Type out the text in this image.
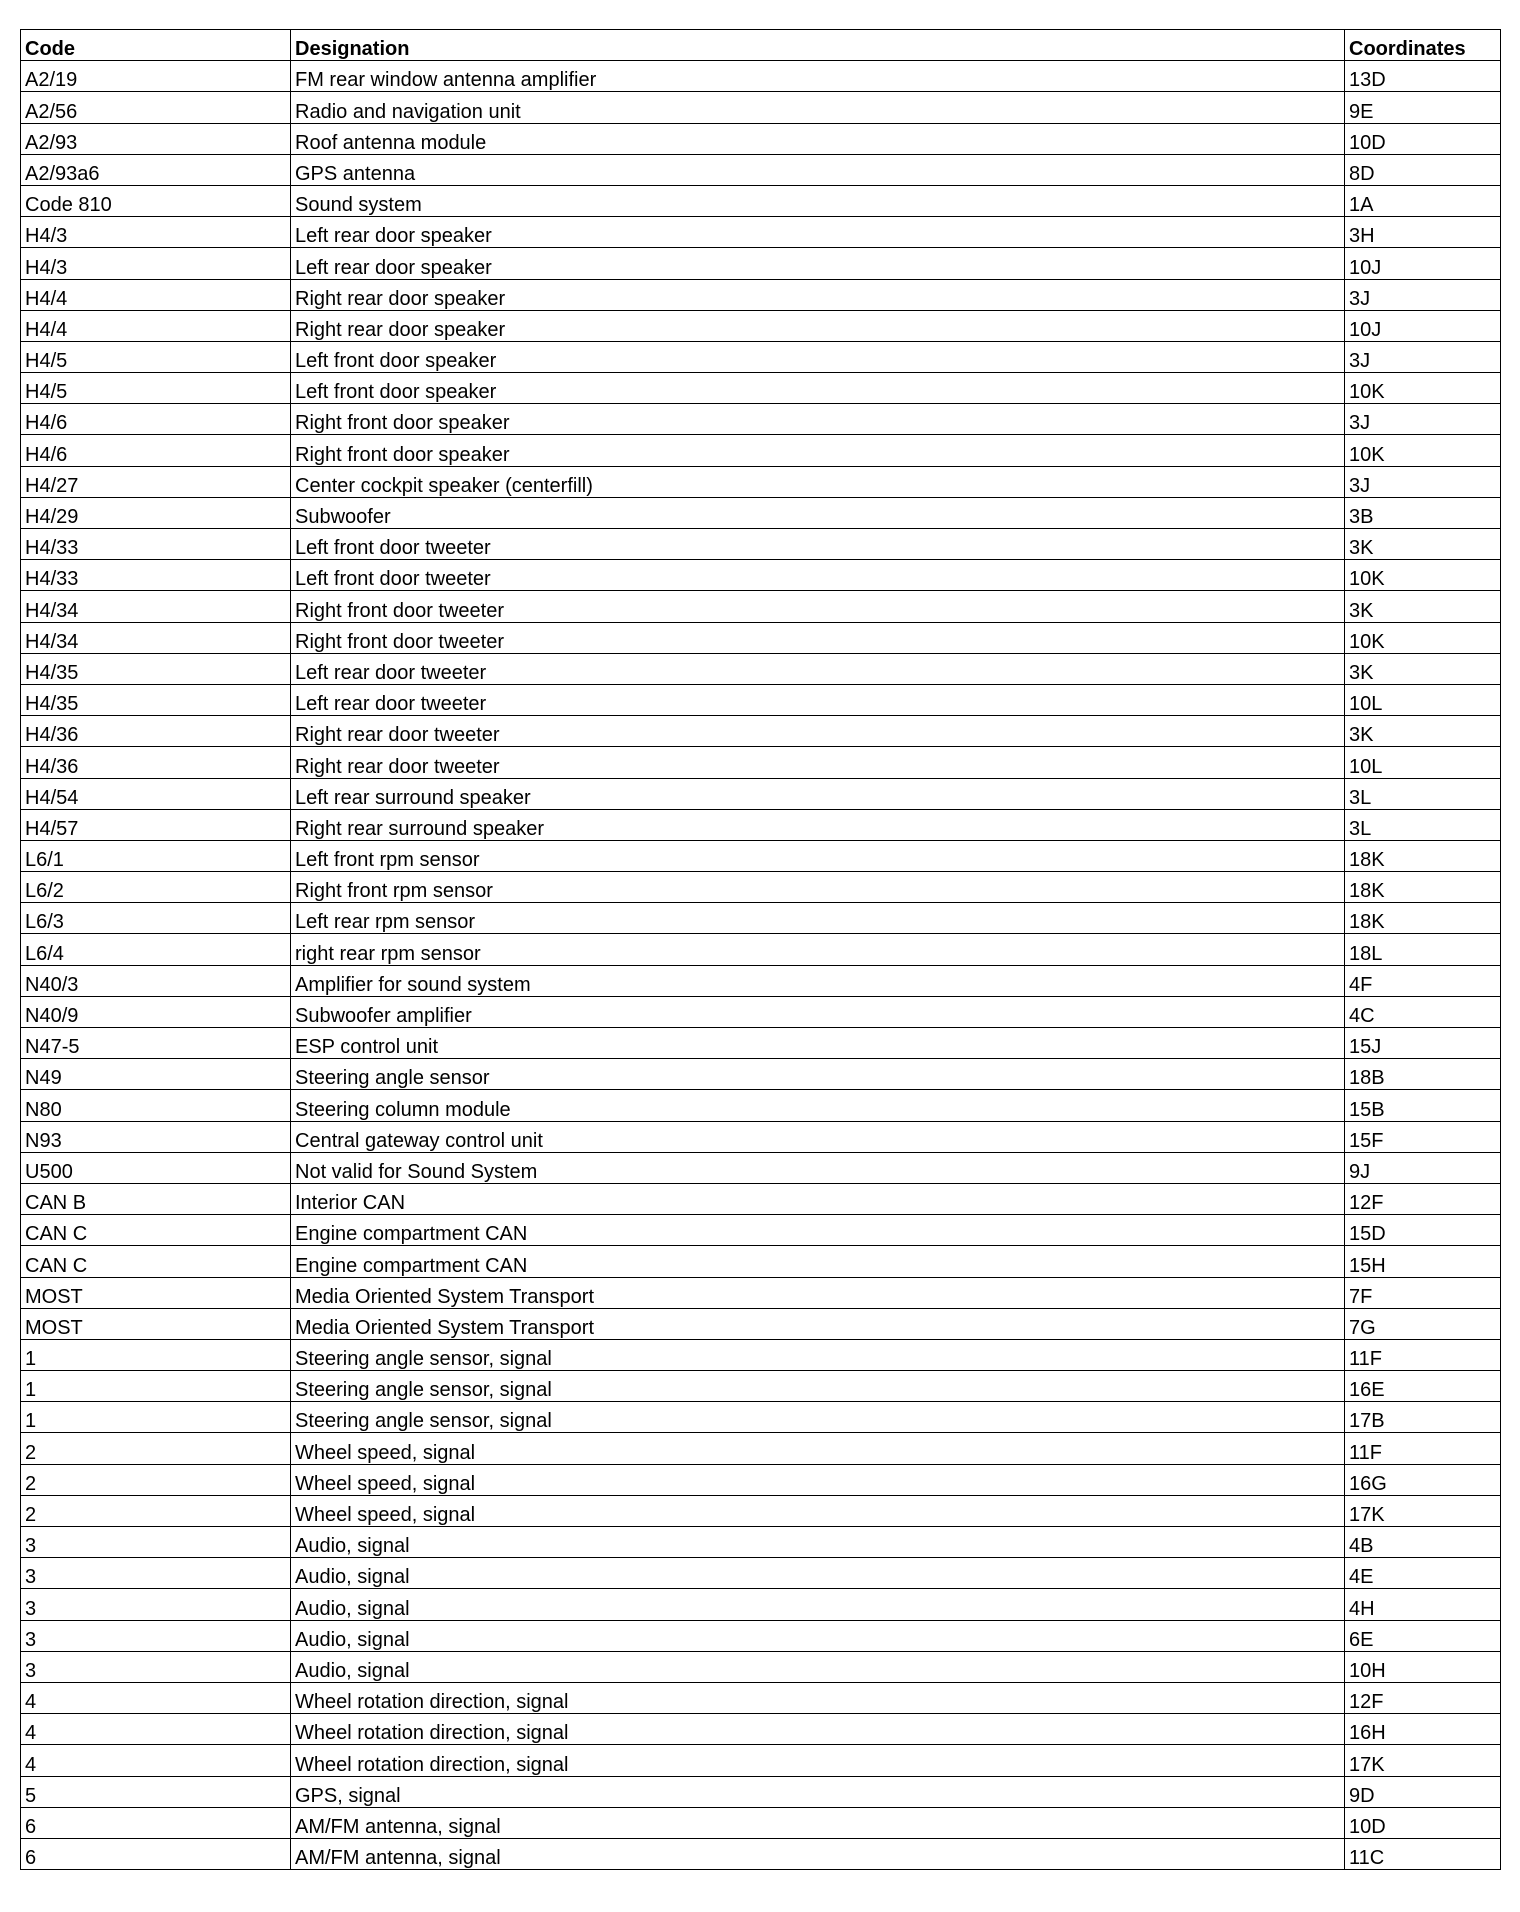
Code	Designation	Coordinates
A2/19	FM rear window antenna amplifier	13D
A2/56	Radio and navigation unit	9E
A2/93	Roof antenna module	10D
A2/93a6	GPS antenna	8D
Code 810	Sound system	1A
H4/3	Left rear door speaker	3H
H4/3	Left rear door speaker	10J
H4/4	Right rear door speaker	3J
H4/4	Right rear door speaker	10J
H4/5	Left front door speaker	3J
H4/5	Left front door speaker	10K
H4/6	Right front door speaker	3J
H4/6	Right front door speaker	10K
H4/27	Center cockpit speaker (centerfill)	3J
H4/29	Subwoofer	3B
H4/33	Left front door tweeter	3K
H4/33	Left front door tweeter	10K
H4/34	Right front door tweeter	3K
H4/34	Right front door tweeter	10K
H4/35	Left rear door tweeter	3K
H4/35	Left rear door tweeter	10L
H4/36	Right rear door tweeter	3K
H4/36	Right rear door tweeter	10L
H4/54	Left rear surround speaker	3L
H4/57	Right rear surround speaker	3L
L6/1	Left front rpm sensor	18K
L6/2	Right front rpm sensor	18K
L6/3	Left rear rpm sensor	18K
L6/4	right rear rpm sensor	18L
N40/3	Amplifier for sound system	4F
N40/9	Subwoofer amplifier	4C
N47-5	ESP control unit	15J
N49	Steering angle sensor	18B
N80	Steering column module	15B
N93	Central gateway control unit	15F
U500	Not valid for Sound System	9J
CAN B	Interior CAN	12F
CAN C	Engine compartment CAN	15D
CAN C	Engine compartment CAN	15H
MOST	Media Oriented System Transport	7F
MOST	Media Oriented System Transport	7G
1	Steering angle sensor, signal	11F
1	Steering angle sensor, signal	16E
1	Steering angle sensor, signal	17B
2	Wheel speed, signal	11F
2	Wheel speed, signal	16G
2	Wheel speed, signal	17K
3	Audio, signal	4B
3	Audio, signal	4E
3	Audio, signal	4H
3	Audio, signal	6E
3	Audio, signal	10H
4	Wheel rotation direction, signal	12F
4	Wheel rotation direction, signal	16H
4	Wheel rotation direction, signal	17K
5	GPS, signal	9D
6	AM/FM antenna, signal	10D
6	AM/FM antenna, signal	11C
